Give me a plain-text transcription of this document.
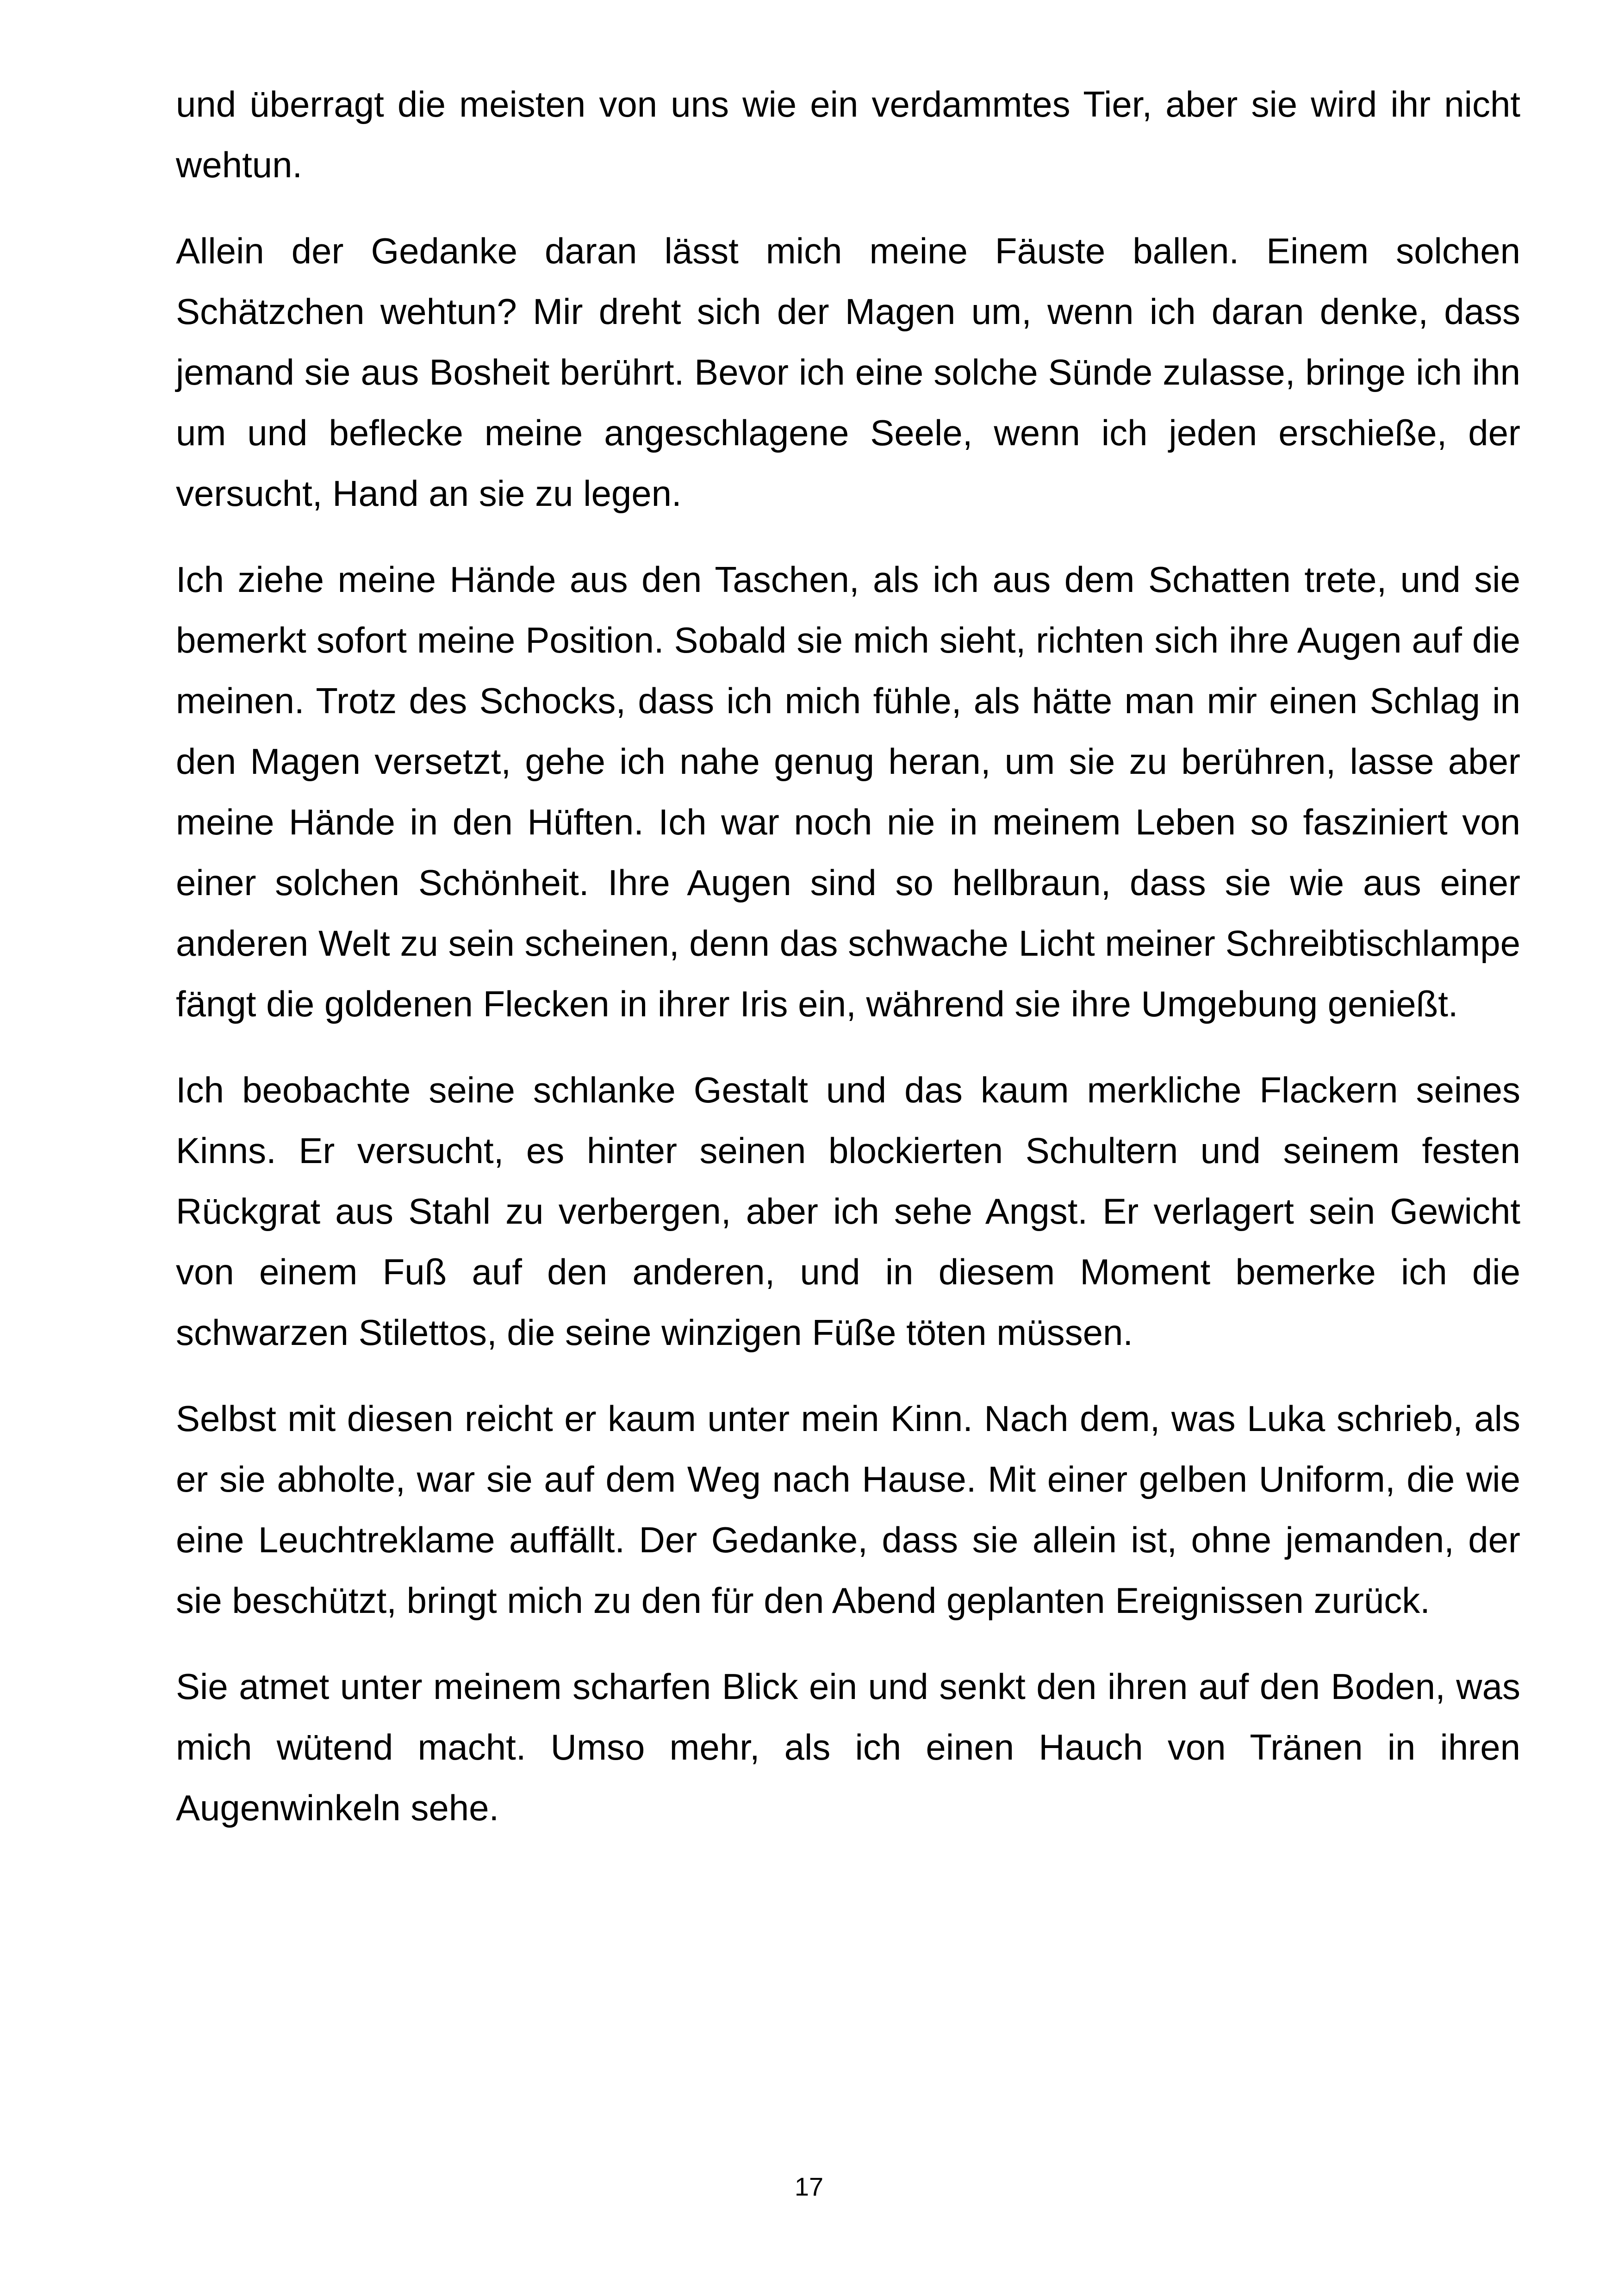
und überragt die meisten von uns wie ein verdammtes Tier, aber sie wird ihr nicht wehtun.

Allein der Gedanke daran lässt mich meine Fäuste ballen. Einem solchen Schätzchen wehtun? Mir dreht sich der Magen um, wenn ich daran denke, dass jemand sie aus Bosheit berührt. Bevor ich eine solche Sünde zulasse, bringe ich ihn um und beflecke meine angeschlagene Seele, wenn ich jeden erschieße, der versucht, Hand an sie zu legen.

Ich ziehe meine Hände aus den Taschen, als ich aus dem Schatten trete, und sie bemerkt sofort meine Position. Sobald sie mich sieht, richten sich ihre Augen auf die meinen. Trotz des Schocks, dass ich mich fühle, als hätte man mir einen Schlag in den Magen versetzt, gehe ich nahe genug heran, um sie zu berühren, lasse aber meine Hände in den Hüften. Ich war noch nie in meinem Leben so fasziniert von einer solchen Schönheit. Ihre Augen sind so hellbraun, dass sie wie aus einer anderen Welt zu sein scheinen, denn das schwache Licht meiner Schreibtischlampe fängt die goldenen Flecken in ihrer Iris ein, während sie ihre Umgebung genießt.

Ich beobachte seine schlanke Gestalt und das kaum merkliche Flackern seines Kinns. Er versucht, es hinter seinen blockierten Schultern und seinem festen Rückgrat aus Stahl zu verbergen, aber ich sehe Angst. Er verlagert sein Gewicht von einem Fuß auf den anderen, und in diesem Moment bemerke ich die schwarzen Stilettos, die seine winzigen Füße töten müssen.

Selbst mit diesen reicht er kaum unter mein Kinn. Nach dem, was Luka schrieb, als er sie abholte, war sie auf dem Weg nach Hause. Mit einer gelben Uniform, die wie eine Leuchtreklame auffällt. Der Gedanke, dass sie allein ist, ohne jemanden, der sie beschützt, bringt mich zu den für den Abend geplanten Ereignissen zurück.

Sie atmet unter meinem scharfen Blick ein und senkt den ihren auf den Boden, was mich wütend macht. Umso mehr, als ich einen Hauch von Tränen in ihren Augenwinkeln sehe.

17
